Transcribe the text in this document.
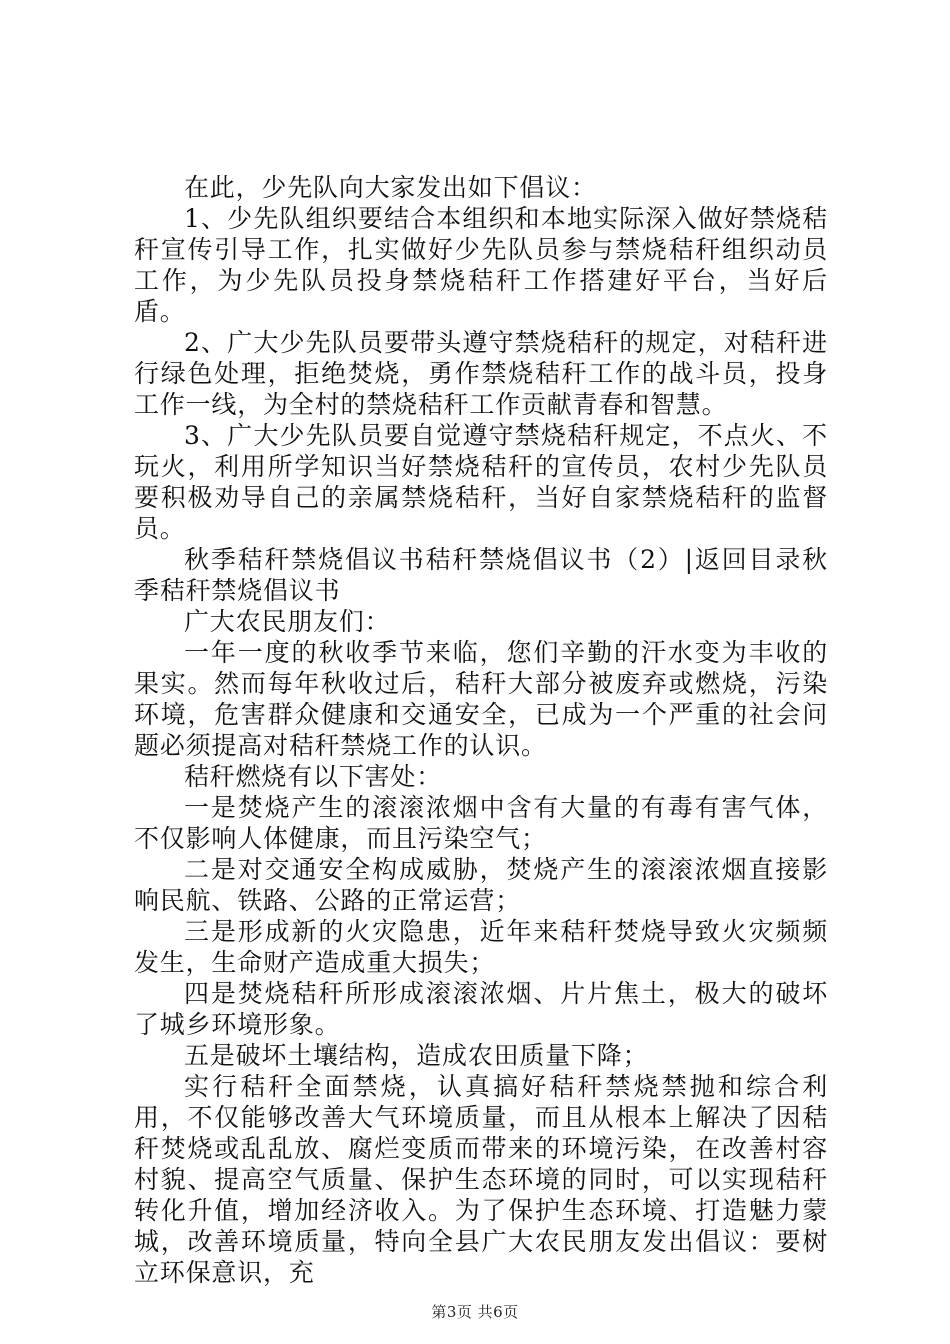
在此，少先队向大家发出如下倡议：

1、少先队组织要结合本组织和本地实际深入做好禁烧秸秆宣传引导工作，扎实做好少先队员参与禁烧秸秆组织动员工作，为少先队员投身禁烧秸秆工作搭建好平台，当好后盾。

2、广大少先队员要带头遵守禁烧秸秆的规定，对秸秆进行绿色处理，拒绝焚烧，勇作禁烧秸秆工作的战斗员，投身工作一线，为全村的禁烧秸秆工作贡献青春和智慧。

3、广大少先队员要自觉遵守禁烧秸秆规定，不点火、不玩火，利用所学知识当好禁烧秸秆的宣传员，农村少先队员要积极劝导自己的亲属禁烧秸秆，当好自家禁烧秸秆的监督员。

秋季秸秆禁烧倡议书秸秆禁烧倡议书（2）|返回目录秋季秸秆禁烧倡议书

广大农民朋友们：

一年一度的秋收季节来临，您们辛勤的汗水变为丰收的果实。然而每年秋收过后，秸秆大部分被废弃或燃烧，污染环境，危害群众健康和交通安全，已成为一个严重的社会问题必须提高对秸秆禁烧工作的认识。

秸秆燃烧有以下害处：

一是焚烧产生的滚滚浓烟中含有大量的有毒有害气体，不仅影响人体健康，而且污染空气；

二是对交通安全构成威胁，焚烧产生的滚滚浓烟直接影响民航、铁路、公路的正常运营；

三是形成新的火灾隐患，近年来秸秆焚烧导致火灾频频发生，生命财产造成重大损失；

四是焚烧秸秆所形成滚滚浓烟、片片焦土，极大的破坏了城乡环境形象。

五是破坏土壤结构，造成农田质量下降；

实行秸秆全面禁烧，认真搞好秸秆禁烧禁抛和综合利用，不仅能够改善大气环境质量，而且从根本上解决了因秸秆焚烧或乱乱放、腐烂变质而带来的环境污染，在改善村容村貌、提高空气质量、保护生态环境的同时，可以实现秸秆转化升值，增加经济收入。为了保护生态环境、打造魅力蒙城，改善环境质量，特向全县广大农民朋友发出倡议：要树立环保意识，充

第3页 共6页
